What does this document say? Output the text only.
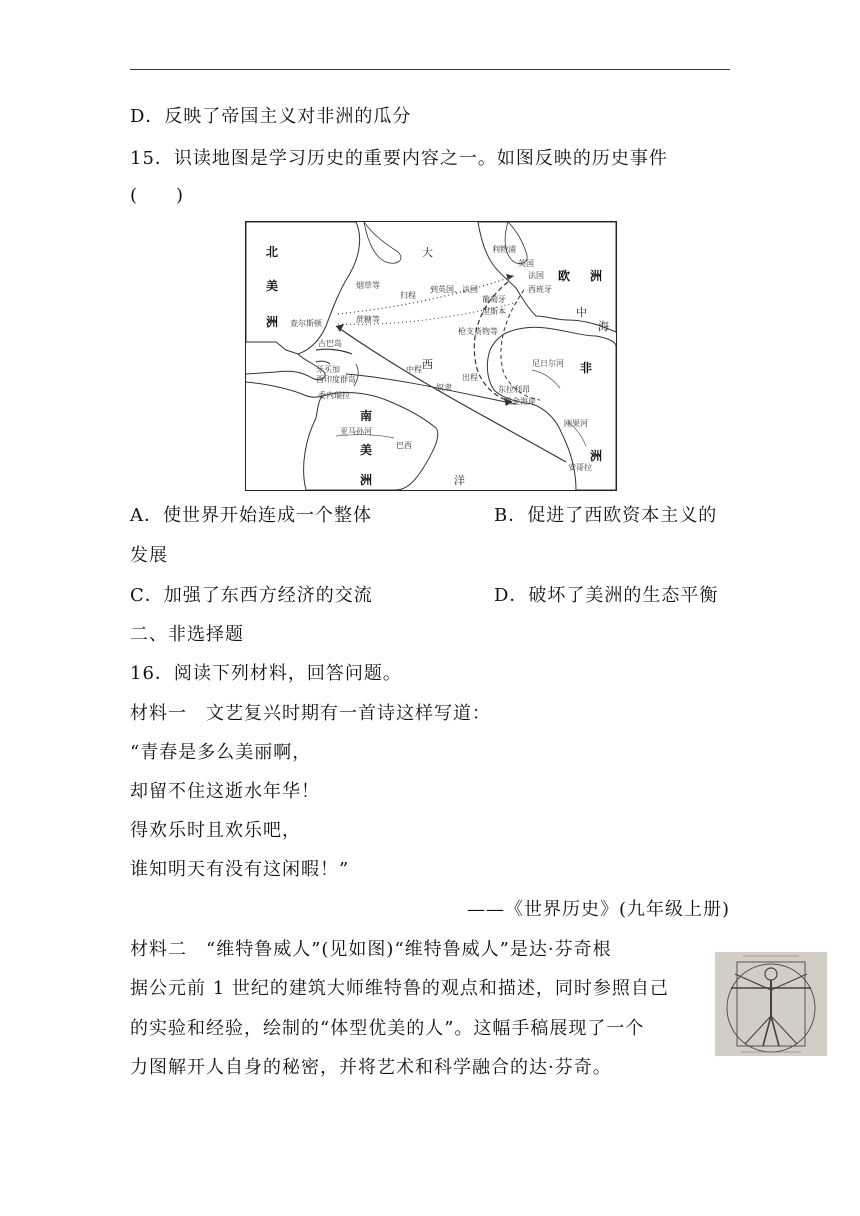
D．反映了帝国主义对非洲的瓜分
15．识读地图是学习历史的重要内容之一。如图反映的历史事件
(　　)
北
美
洲
南
美
洲
欧 洲
非
洲
大
西
洋
中
海
查尔斯顿
古巴岛
牙买加
西印度群岛
委内瑞拉
亚马孙河
巴西
利物浦
英国
法国
西班牙
葡萄牙
里斯本
尼日尔河
东拉利昂
黄金海岸
刚果河
安哥拉
烟草等
蔗糖等
归程
到英国、法国
枪支货物等
出程
中程
奴隶
A．使世界开始连成一个整体	B．促进了西欧资本主义的
发展
C．加强了东西方经济的交流	D．破坏了美洲的生态平衡
二、非选择题
16．阅读下列材料，回答问题。
材料一　文艺复兴时期有一首诗这样写道：
“青春是多么美丽啊，
却留不住这逝水年华！
得欢乐时且欢乐吧，
谁知明天有没有这闲暇！”
——《世界历史》(九年级上册)
材料二　“维特鲁威人”(见如图)“维特鲁威人”是达·芬奇根
据公元前 1 世纪的建筑大师维特鲁的观点和描述，同时参照自己
的实验和经验，绘制的“体型优美的人”。这幅手稿展现了一个
力图解开人自身的秘密，并将艺术和科学融合的达·芬奇。
